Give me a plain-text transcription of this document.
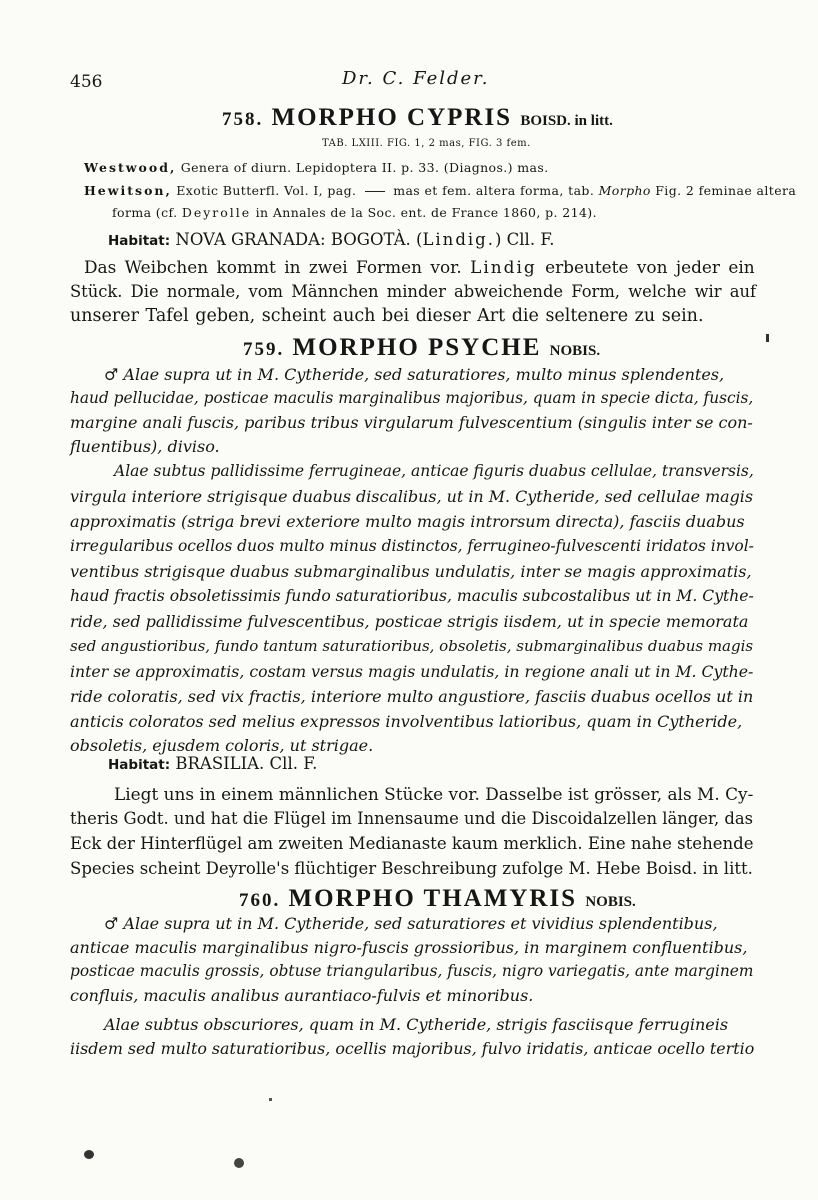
456	Dr. C. Felder.
758. MORPHO CYPRIS BOISD. in litt.
TAB. LXIII. FIG. 1, 2 mas, FIG. 3 fem.
Westwood, Genera of diurn. Lepidoptera II. p. 33. (Diagnos.) mas.
Hewitson, Exotic Butterfl. Vol. I, pag.	mas et fem. altera forma, tab. Morpho Fig. 2 feminae altera
forma (cf. Deyrolle in Annales de la Soc. ent. de France 1860, p. 214).
Habitat: NOVA GRANADA: BOGOTÀ. (Lindig.) Cll. F.
Das Weibchen kommt in zwei Formen vor. Lindig erbeutete von jeder ein
Stück. Die normale, vom Männchen minder abweichende Form, welche wir auf
unserer Tafel geben, scheint auch bei dieser Art die seltenere zu sein.
759. MORPHO PSYCHE NOBIS.
♂ Alae supra ut in M. Cytheride, sed saturatiores, multo minus splendentes,
haud pellucidae, posticae maculis marginalibus majoribus, quam in specie dicta, fuscis,
margine anali fuscis, paribus tribus virgularum fulvescentium (singulis inter se con-
fluentibus), diviso.
Alae subtus pallidissime ferrugineae, anticae figuris duabus cellulae, transversis,
virgula interiore strigisque duabus discalibus, ut in M. Cytheride, sed cellulae magis
approximatis (striga brevi exteriore multo magis introrsum directa), fasciis duabus
irregularibus ocellos duos multo minus distinctos, ferrugineo-fulvescenti iridatos invol-
ventibus strigisque duabus submarginalibus undulatis, inter se magis approximatis,
haud fractis obsoletissimis fundo saturatioribus, maculis subcostalibus ut in M. Cythe-
ride, sed pallidissime fulvescentibus, posticae strigis iisdem, ut in specie memorata
sed angustioribus, fundo tantum saturatioribus, obsoletis, submarginalibus duabus magis
inter se approximatis, costam versus magis undulatis, in regione anali ut in M. Cythe-
ride coloratis, sed vix fractis, interiore multo angustiore, fasciis duabus ocellos ut in
anticis coloratos sed melius expressos involventibus latioribus, quam in Cytheride,
obsoletis, ejusdem coloris, ut strigae.
Habitat: BRASILIA. Cll. F.
Liegt uns in einem männlichen Stücke vor. Dasselbe ist grösser, als M. Cy-
theris Godt. und hat die Flügel im Innensaume und die Discoidalzellen länger, das
Eck der Hinterflügel am zweiten Medianaste kaum merklich. Eine nahe stehende
Species scheint Deyrolle's flüchtiger Beschreibung zufolge M. Hebe Boisd. in litt.
760. MORPHO THAMYRIS NOBIS.
♂ Alae supra ut in M. Cytheride, sed saturatiores et vividius splendentibus,
anticae maculis marginalibus nigro-fuscis grossioribus, in marginem confluentibus,
posticae maculis grossis, obtuse triangularibus, fuscis, nigro variegatis, ante marginem
confluis, maculis analibus aurantiaco-fulvis et minoribus.
Alae subtus obscuriores, quam in M. Cytheride, strigis fasciisque ferrugineis
iisdem sed multo saturatioribus, ocellis majoribus, fulvo iridatis, anticae ocello tertio
